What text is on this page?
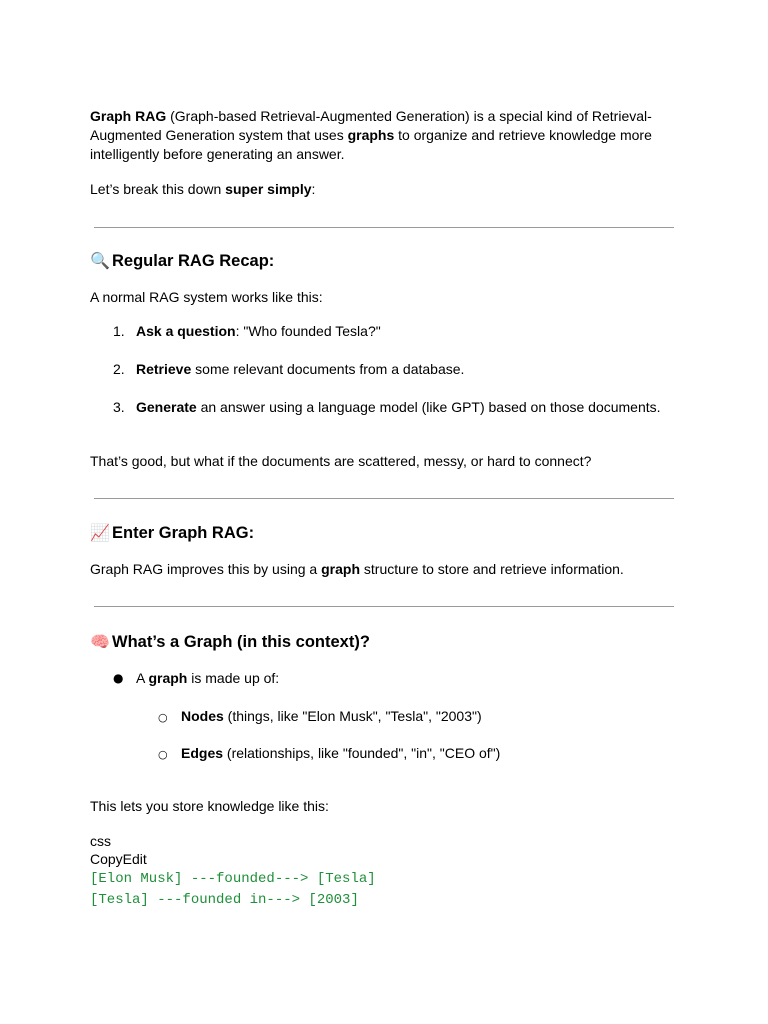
Graph RAG (Graph-based Retrieval-Augmented Generation) is a special kind of Retrieval-Augmented Generation system that uses graphs to organize and retrieve knowledge more intelligently before generating an answer.

Let’s break this down super simply:

🔍 Regular RAG Recap:

A normal RAG system works like this:

1. Ask a question: "Who founded Tesla?"
2. Retrieve some relevant documents from a database.
3. Generate an answer using a language model (like GPT) based on those documents.

That’s good, but what if the documents are scattered, messy, or hard to connect?

📈 Enter Graph RAG:

Graph RAG improves this by using a graph structure to store and retrieve information.

🧠 What’s a Graph (in this context)?
● A graph is made up of:
○ Nodes (things, like "Elon Musk", "Tesla", "2003")
○ Edges (relationships, like "founded", "in", "CEO of")

This lets you store knowledge like this:

css
CopyEdit
[Elon Musk] ---founded---> [Tesla]
[Tesla] ---founded in---> [2003]
